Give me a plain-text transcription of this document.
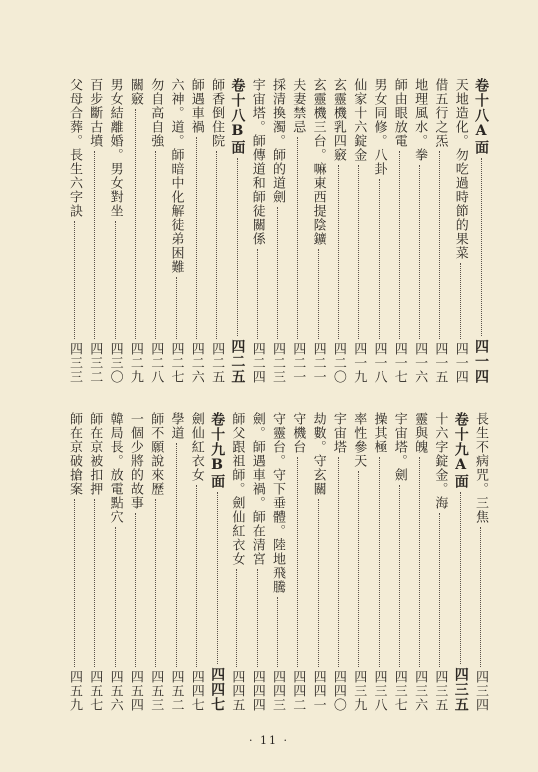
卷十八A面
四一四
天地造化。勿吃過時節的果菜
四一四
借五行之炁
四一五
地理風水。拳
四一六
師由眼放電
四一七
男女同修。八卦
四一八
仙家十六錠金
四一九
玄靈機乳四竅
四二〇
玄靈機三台。嘛東西提陰鑛
四二一
夫妻禁忌
四二一
採清換濁。師的道劍
四二三
宇宙塔。師傳道和師徒關係
四二四
卷十八B面
四二五
師香倒住院
四二五
師遇車禍
四二六
六神。道。師暗中化解徒弟困難
四二七
勿自高自強
四二八
關竅
四二九
男女結離婚。男女對坐
四三〇
百步斷古墳
四三二
父母合葬。長生六字訣
四三三
長生不病咒。三焦
四三四
卷十九A面
四三五
十六字錠金。海
四三五
靈與魄
四三六
宇宙塔。劍
四三七
操其極
四三八
率性參天
四三九
宇宙塔
四四〇
劫數。守玄關
四四一
守機台
四四二
守靈台。守下垂體。陸地飛騰
四四三
劍。師遇車禍。師在清宮
四四四
師父跟祖師。劍仙紅衣女
四四五
卷十九B面
四四七
劍仙紅衣女
四四七
學道
四五二
師不願說來歷
四五三
一個少將的故事
四五四
韓局長。放電點穴
四五六
師在京被扣押
四五七
師在京破搶案
四五九
· 11 ·
